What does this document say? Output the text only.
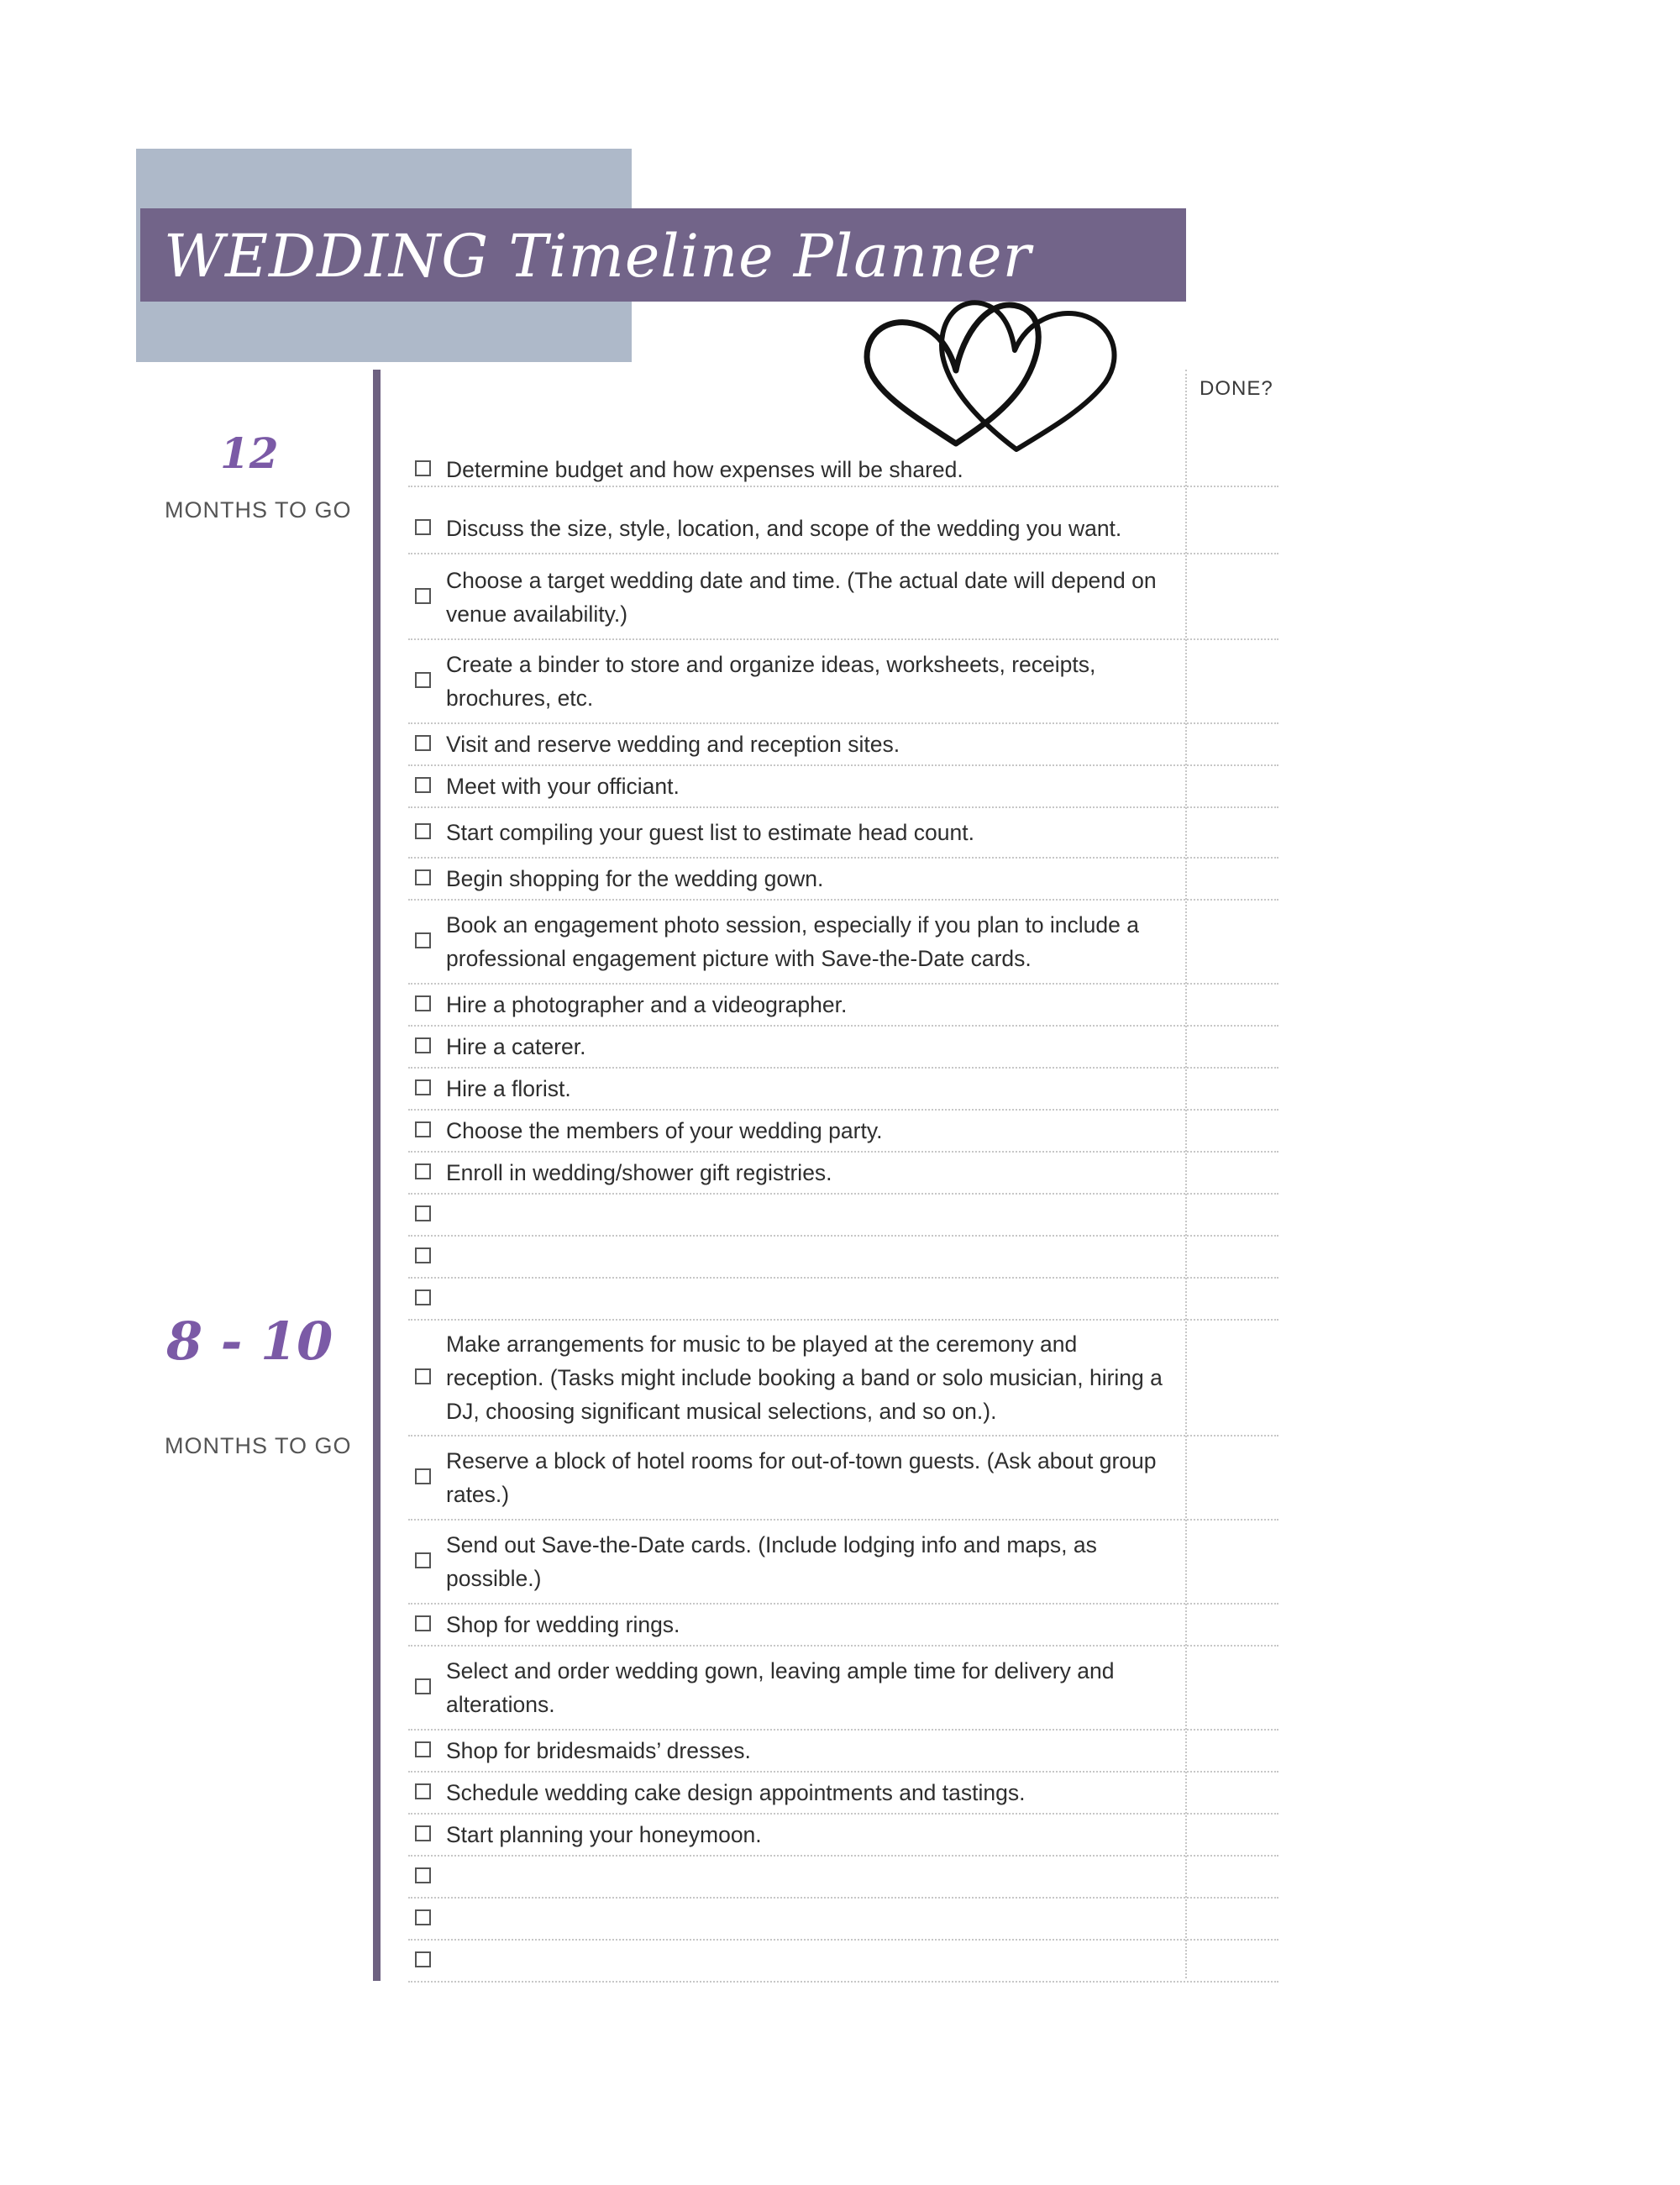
WEDDING Timeline Planner
DONE?
12
MONTHS TO GO
8 - 10
MONTHS TO GO
Determine budget and how expenses will be shared.
Discuss the size, style, location, and scope of the wedding you want.
Choose a target wedding date and time. (The actual date will depend on venue availability.)
Create a binder to store and organize ideas, worksheets, receipts, brochures, etc.
Visit and reserve wedding and reception sites.
Meet with your officiant.
Start compiling your guest list to estimate head count.
Begin shopping for the wedding gown.
Book an engagement photo session, especially if you plan to include a professional engagement picture with Save-the-Date cards.
Hire a photographer and a videographer.
Hire a caterer.
Hire a florist.
Choose the members of your wedding party.
Enroll in wedding/shower gift registries.
Make arrangements for music to be played at the ceremony and reception. (Tasks might include booking a band or solo musician, hiring a DJ, choosing significant musical selections, and so on.).
Reserve a block of hotel rooms for out-of-town guests. (Ask about group rates.)
Send out Save-the-Date cards. (Include lodging info and maps, as possible.)
Shop for wedding rings.
Select and order wedding gown, leaving ample time for delivery and alterations.
Shop for bridesmaids’ dresses.
Schedule wedding cake design appointments and tastings.
Start planning your honeymoon.
